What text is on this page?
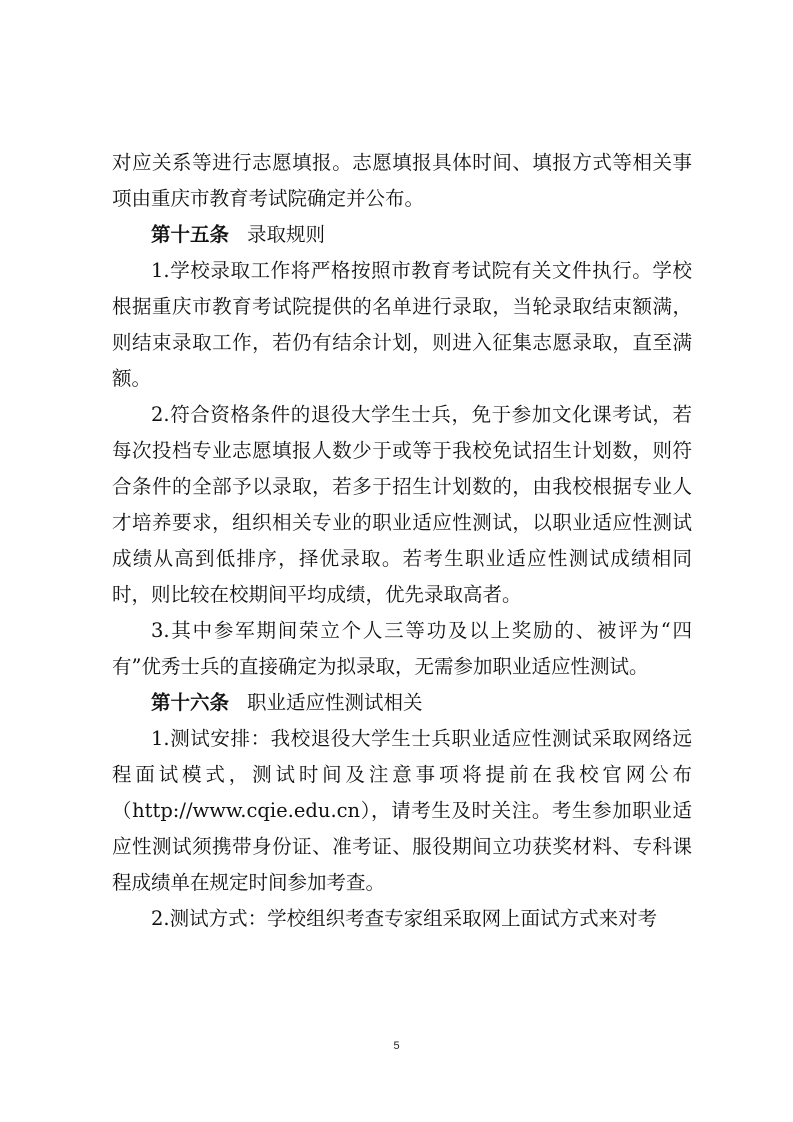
对应关系等进行志愿填报。志愿填报具体时间、填报方式等相关事项由重庆市教育考试院确定并公布。

第十五条 录取规则

1.学校录取工作将严格按照市教育考试院有关文件执行。学校根据重庆市教育考试院提供的名单进行录取，当轮录取结束额满，则结束录取工作，若仍有结余计划，则进入征集志愿录取，直至满额。

2.符合资格条件的退役大学生士兵，免于参加文化课考试，若每次投档专业志愿填报人数少于或等于我校免试招生计划数，则符合条件的全部予以录取，若多于招生计划数的，由我校根据专业人才培养要求，组织相关专业的职业适应性测试，以职业适应性测试成绩从高到低排序，择优录取。若考生职业适应性测试成绩相同时，则比较在校期间平均成绩，优先录取高者。

3.其中参军期间荣立个人三等功及以上奖励的、被评为“四有”优秀士兵的直接确定为拟录取，无需参加职业适应性测试。

第十六条 职业适应性测试相关

1.测试安排：我校退役大学生士兵职业适应性测试采取网络远程面试模式，测试时间及注意事项将提前在我校官网公布（http://www.cqie.edu.cn），请考生及时关注。考生参加职业适应性测试须携带身份证、准考证、服役期间立功获奖材料、专科课程成绩单在规定时间参加考查。

2.测试方式：学校组织考查专家组采取网上面试方式来对考

5
